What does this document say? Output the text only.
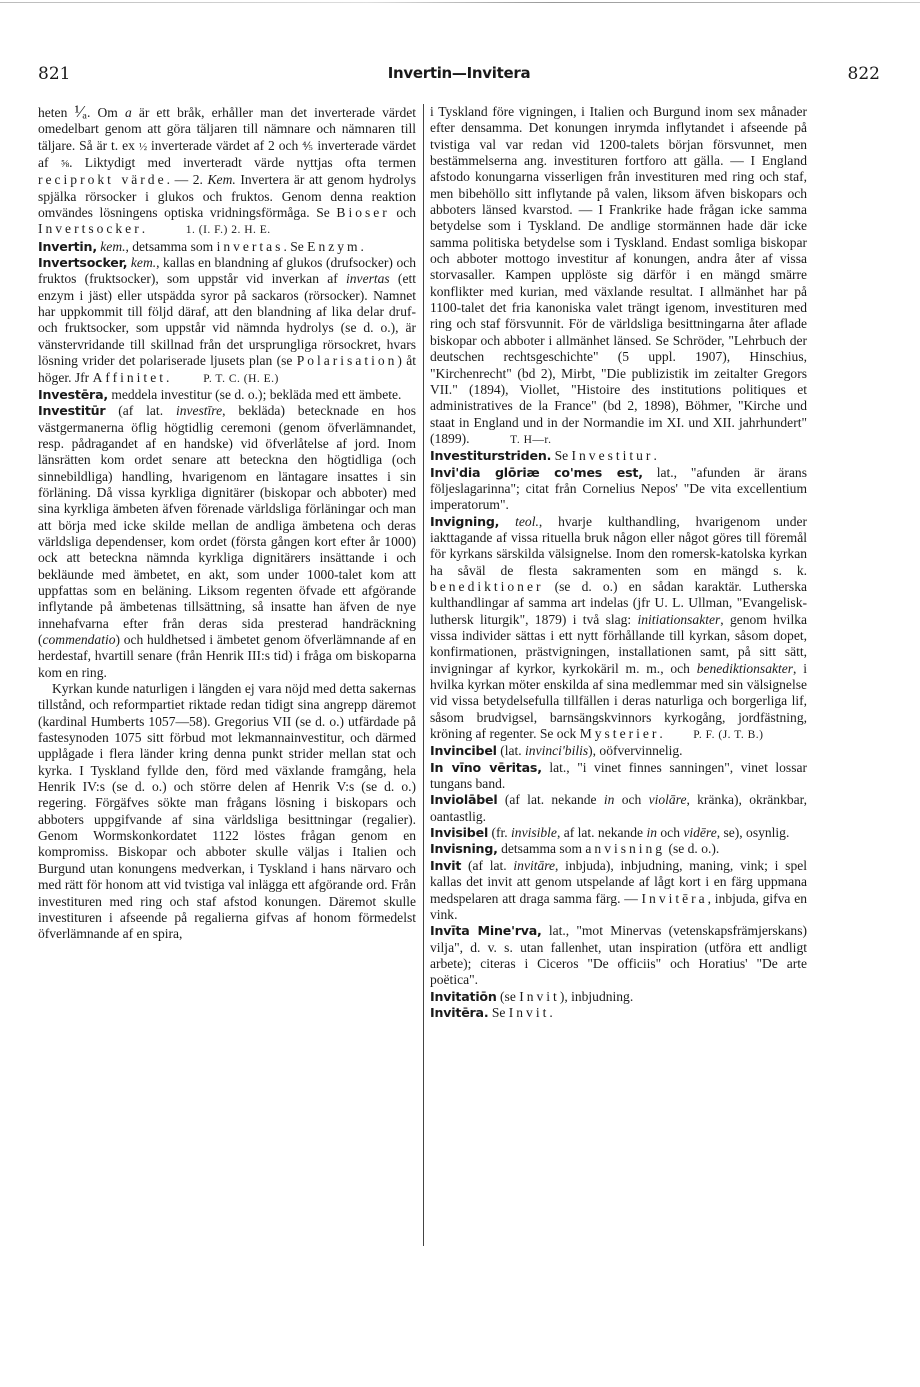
821	Invertin—Invitera	822

heten ¹⁄ₐ. Om a är ett bråk, erhåller man det inverterade värdet omedelbart genom att göra täljaren till nämnare och nämnaren till täljare. Så är t. ex ½ inverterade värdet af 2 och ⅘ inverterade värdet af ⅝. Liktydigt med inverteradt värde nyttjas ofta termen reciprokt värde. — 2. Kem. Invertera är att genom hydrolys spjälka rörsocker i glukos och fruktos. Genom denna reaktion omvändes lösningens optiska vridningsförmåga. Se Bioser och Invertsocker.            1. (I. F.) 2. H. E.

Invertin, kem., detsamma som invertas. Se Enzym.

Invertsocker, kem., kallas en blandning af glukos (drufsocker) och fruktos (fruktsocker), som uppstår vid inverkan af invertas (ett enzym i jäst) eller utspädda syror på sackaros (rörsocker). Namnet har uppkommit till följd däraf, att den blandning af lika delar druf- och fruktsocker, som uppstår vid nämnda hydrolys (se d. o.), är vänstervridande till skillnad från det ursprungliga rörsockret, hvars lösning vrider det polariserade ljusets plan (se Polarisation) åt höger. Jfr Affinitet.          P. T. C. (H. E.)

Investēra, meddela investitur (se d. o.); bekläda med ett ämbete.

Investitūr (af lat. investīre, bekläda) betecknade en hos västgermanerna öflig högtidlig ceremoni (genom öfverlämnandet, resp. pådragandet af en handske) vid öfverlåtelse af jord. Inom länsrätten kom ordet senare att beteckna den högtidliga (och sinnebildliga) handling, hvarigenom en läntagare insattes i sin förläning. Då vissa kyrkliga dignitärer (biskopar och abboter) med sina kyrkliga ämbeten äfven förenade världsliga förläningar och man att börja med icke skilde mellan de andliga ämbetena och deras världsliga dependenser, kom ordet (första gången kort efter år 1000) ock att beteckna nämnda kyrkliga dignitärers insättande i och bekläunde med ämbetet, en akt, som under 1000-talet kom att uppfattas som en beläning. Liksom regenten öfvade ett afgörande inflytande på ämbetenas tillsättning, så insatte han äfven de nye innehafvarna efter från deras sida presterad handräckning (commendatio) och huldhetsed i ämbetet genom öfverlämnande af en herdestaf, hvartill senare (från Henrik III:s tid) i fråga om biskoparna kom en ring.

Kyrkan kunde naturligen i längden ej vara nöjd med detta sakernas tillstånd, och reformpartiet riktade redan tidigt sina angrepp däremot (kardinal Humberts 1057—58). Gregorius VII (se d. o.) utfärdade på fastesynoden 1075 sitt förbud mot lekmannainvestitur, och därmed upplågade i flera länder kring denna punkt strider mellan stat och kyrka. I Tyskland fyllde den, förd med växlande framgång, hela Henrik IV:s (se d. o.) och större delen af Henrik V:s (se d. o.) regering. Förgäfves sökte man frågans lösning i biskopars och abboters uppgifvande af sina världsliga besittningar (regalier). Genom Wormskonkordatet 1122 löstes frågan genom en kompromiss. Biskopar och abboter skulle väljas i Italien och Burgund utan konungens medverkan, i Tyskland i hans närvaro och med rätt för honom att vid tvistiga val inlägga ett afgörande ord. Från investituren med ring och staf afstod konungen. Däremot skulle investituren i afseende på regalierna gifvas af honom förmedelst öfverlämnande af en spira,

i Tyskland före vigningen, i Italien och Burgund inom sex månader efter densamma. Det konungen inrymda inflytandet i afseende på tvistiga val var redan vid 1200-talets början försvunnet, men bestämmelserna ang. investituren fortforo att gälla. — I England afstodo konungarna visserligen från investituren med ring och staf, men bibehöllo sitt inflytande på valen, liksom äfven biskopars och abboters länsed kvarstod. — I Frankrike hade frågan icke samma betydelse som i Tyskland. De andlige stormännen hade där icke samma politiska betydelse som i Tyskland. Endast somliga biskopar och abboter mottogo investitur af konungen, andra åter af vissa storvasaller. Kampen upplöste sig därför i en mängd smärre konflikter med kurian, med växlande resultat. I allmänhet har på 1100-talet det fria kanoniska valet trängt igenom, investituren med ring och staf försvunnit. För de världsliga besittningarna åter aflade biskopar och abboter i allmänhet länsed. Se Schröder, "Lehrbuch der deutschen rechtsgeschichte" (5 uppl. 1907), Hinschius, "Kirchenrecht" (bd 2), Mirbt, "Die publizistik im zeitalter Gregors VII." (1894), Viollet, "Histoire des institutions politiques et administratives de la France" (bd 2, 1898), Böhmer, "Kirche und staat in England und in der Normandie im XI. und XII. jahrhundert" (1899).            T. H—r.

Investiturstriden. Se Investitur.

Invi'dia glōriæ co'mes est, lat., "afunden är ärans följeslagarinna"; citat från Cornelius Nepos' "De vita excellentium imperatorum".

Invigning, teol., hvarje kulthandling, hvarigenom under iakttagande af vissa rituella bruk någon eller något göres till föremål för kyrkans särskilda välsignelse. Inom den romersk-katolska kyrkan ha såväl de flesta sakramenten som en mängd s. k. benediktioner (se d. o.) en sådan karaktär. Lutherska kulthandlingar af samma art indelas (jfr U. L. Ullman, "Evangelisk-luthersk liturgik", 1879) i två slag: initiationsakter, genom hvilka vissa individer sättas i ett nytt förhållande till kyrkan, såsom dopet, konfirmationen, prästvigningen, installationen samt, på sitt sätt, invigningar af kyrkor, kyrkokäril m. m., och benediktionsakter, i hvilka kyrkan möter enskilda af sina medlemmar med sin välsignelse vid vissa betydelsefulla tillfällen i deras naturliga och borgerliga lif, såsom brudvigsel, barnsängskvinnors kyrkogång, jordfästning, kröning af regenter. Se ock Mysterier.         P. F. (J. T. B.)

Invincibel (lat. invinci'bilis), oöfvervinnelig.

In vīno vēritas, lat., "i vinet finnes sanningen", vinet lossar tungans band.

Inviolābel (af lat. nekande in och violāre, kränka), okränkbar, oantastlig.

Invisibel (fr. invisible, af lat. nekande in och vidēre, se), osynlig.

Invisning, detsamma som anvisning (se d. o.).

Invit (af lat. invitāre, inbjuda), inbjudning, maning, vink; i spel kallas det invit att genom utspelande af lågt kort i en färg uppmana medspelaren att draga samma färg. — Invitēra, inbjuda, gifva en vink.

Invīta Mine'rva, lat., "mot Minervas (vetenskapsfrämjerskans) vilja", d. v. s. utan fallenhet, utan inspiration (utföra ett andligt arbete); citeras i Ciceros "De officiis" och Horatius' "De arte poëtica".

Invitatiōn (se Invit), inbjudning.

Invitēra. Se Invit.
